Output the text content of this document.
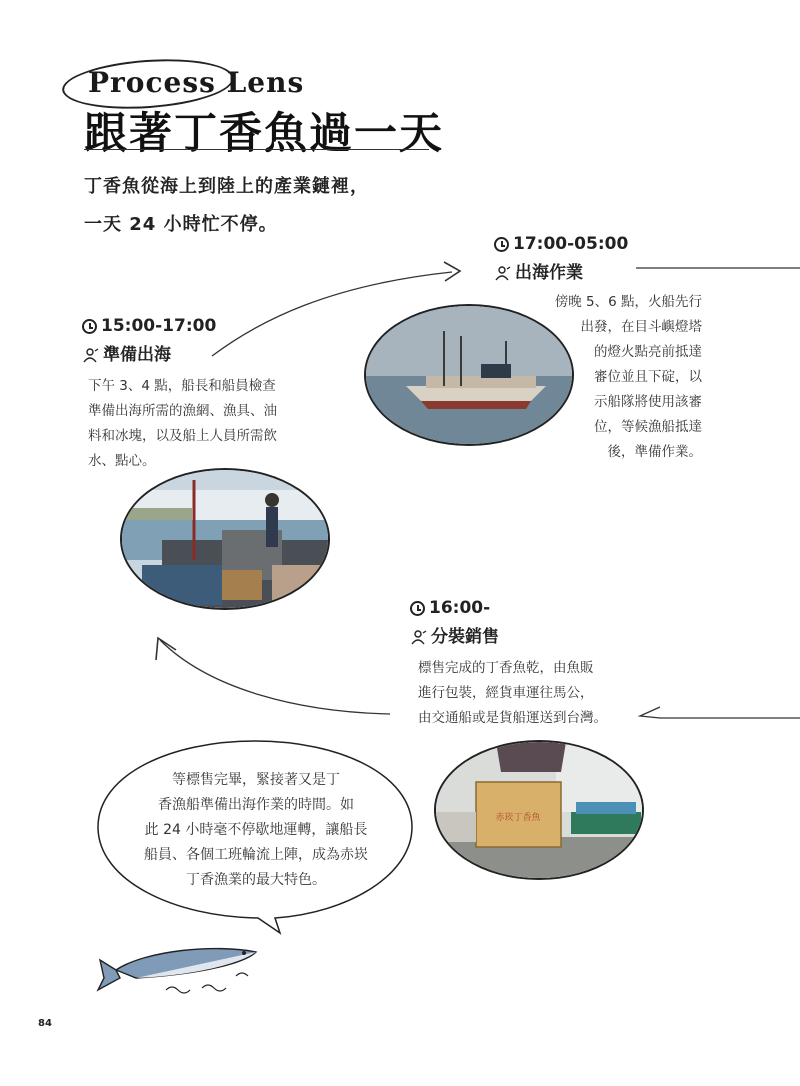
Process Lens
跟著丁香魚過一天
丁香魚從海上到陸上的產業鏈裡，
一天 24 小時忙不停。
15:00-17:00
準備出海
下午 3、4 點，船長和船員檢查
準備出海所需的漁網、漁具、油
料和冰塊，以及船上人員所需飲
水、點心。
17:00-05:00
出海作業
傍晚 5、6 點，火船先行
出發，在目斗嶼燈塔
的燈火點亮前抵達
審位並且下碇，以
示船隊將使用該審
位，等候漁船抵達
後，準備作業。
16:00-
分裝銷售
標售完成的丁香魚乾，由魚販
進行包裝，經貨車運往馬公，
由交通船或是貨船運送到台灣。
赤崁丁香魚
等標售完畢，緊接著又是丁
香漁船準備出海作業的時間。如
此 24 小時毫不停歇地運轉，讓船長
船員、各個工班輪流上陣，成為赤崁
丁香漁業的最大特色。
84
